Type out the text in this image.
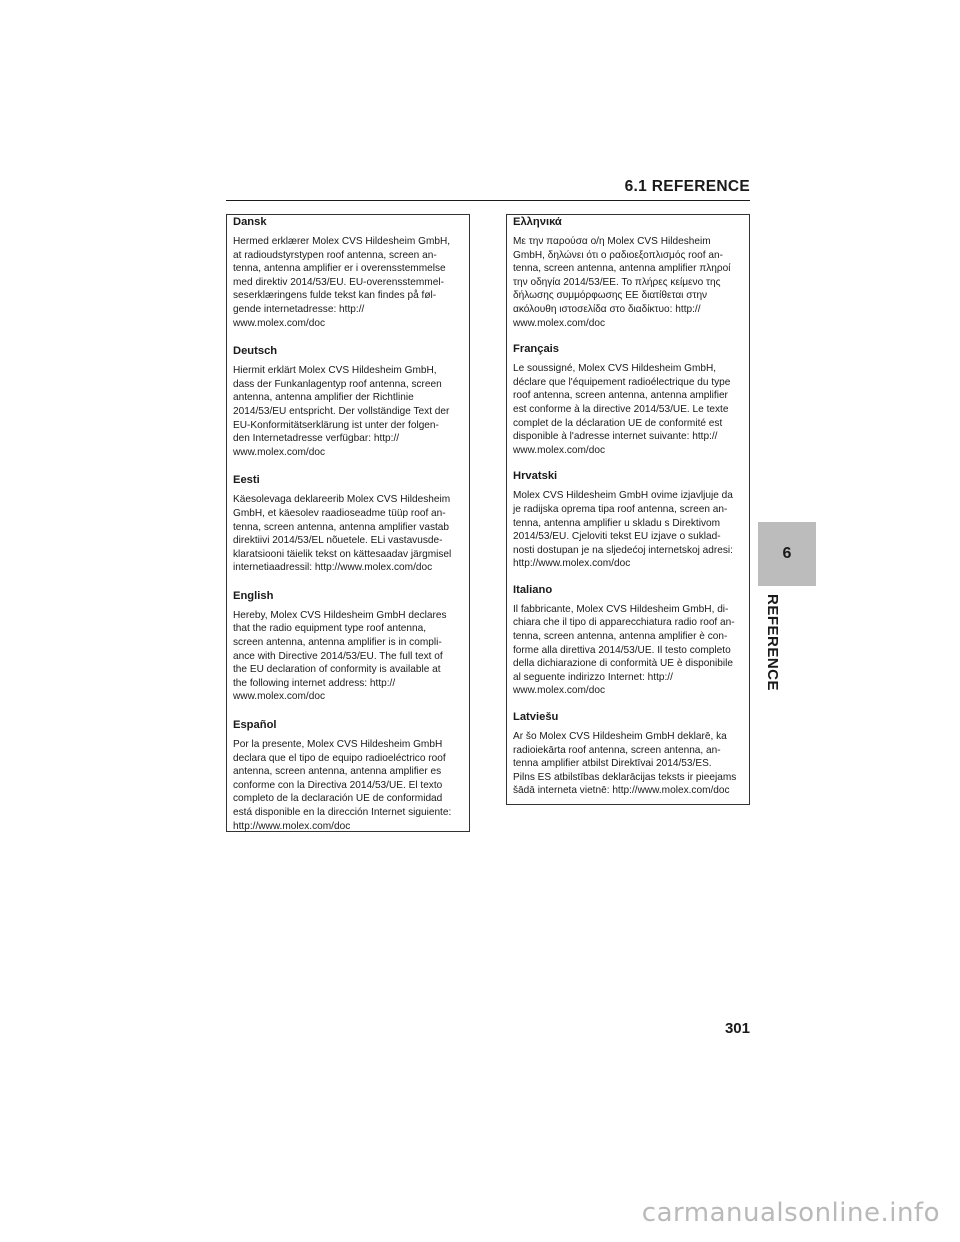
6.1 REFERENCE

Dansk

Hermed erklærer Molex CVS Hildesheim GmbH,
at radioudstyrstypen roof antenna, screen an-
tenna, antenna amplifier er i overensstemmelse
med direktiv 2014/53/EU. EU-overensstemmel-
seserklæringens fulde tekst kan findes på føl-
gende internetadresse: http://
www.molex.com/doc

Deutsch

Hiermit erklärt Molex CVS Hildesheim GmbH,
dass der Funkanlagentyp roof antenna, screen
antenna, antenna amplifier der Richtlinie
2014/53/EU entspricht. Der vollständige Text der
EU-Konformitätserklärung ist unter der folgen-
den Internetadresse verfügbar: http://
www.molex.com/doc

Eesti

Käesolevaga deklareerib Molex CVS Hildesheim
GmbH, et käesolev raadioseadme tüüp roof an-
tenna, screen antenna, antenna amplifier vastab
direktiivi 2014/53/EL nõuetele. ELi vastavusde-
klaratsiooni täielik tekst on kättesaadav järgmisel
internetiaadressil: http://www.molex.com/doc

English

Hereby, Molex CVS Hildesheim GmbH declares
that the radio equipment type roof antenna,
screen antenna, antenna amplifier is in compli-
ance with Directive 2014/53/EU. The full text of
the EU declaration of conformity is available at
the following internet address: http://
www.molex.com/doc

Español

Por la presente, Molex CVS Hildesheim GmbH
declara que el tipo de equipo radioeléctrico roof
antenna, screen antenna, antenna amplifier es
conforme con la Directiva 2014/53/UE. El texto
completo de la declaración UE de conformidad
está disponible en la dirección Internet siguiente:
http://www.molex.com/doc

Ελληνικά

Με την παρούσα ο/η Molex CVS Hildesheim
GmbH, δηλώνει ότι ο ραδιοεξοπλισμός roof an-
tenna, screen antenna, antenna amplifier πληροί
την οδηγία 2014/53/ΕΕ. Το πλήρες κείμενο της
δήλωσης συμμόρφωσης ΕΕ διατίθεται στην
ακόλουθη ιστοσελίδα στο διαδίκτυο: http://
www.molex.com/doc

Français

Le soussigné, Molex CVS Hildesheim GmbH,
déclare que l'équipement radioélectrique du type
roof antenna, screen antenna, antenna amplifier
est conforme à la directive 2014/53/UE. Le texte
complet de la déclaration UE de conformité est
disponible à l'adresse internet suivante: http://
www.molex.com/doc

Hrvatski

Molex CVS Hildesheim GmbH ovime izjavljuje da
je radijska oprema tipa roof antenna, screen an-
tenna, antenna amplifier u skladu s Direktivom
2014/53/EU. Cjeloviti tekst EU izjave o suklad-
nosti dostupan je na sljedećoj internetskoj adresi:
http://www.molex.com/doc

Italiano

Il fabbricante, Molex CVS Hildesheim GmbH, di-
chiara che il tipo di apparecchiatura radio roof an-
tenna, screen antenna, antenna amplifier è con-
forme alla direttiva 2014/53/UE. Il testo completo
della dichiarazione di conformità UE è disponibile
al seguente indirizzo Internet: http://
www.molex.com/doc

Latviešu

Ar šo Molex CVS Hildesheim GmbH deklarē, ka
radioiekārta roof antenna, screen antenna, an-
tenna amplifier atbilst Direktīvai 2014/53/ES.
Pilns ES atbilstības deklarācijas teksts ir pieejams
šādā interneta vietnē: http://www.molex.com/doc

6
REFERENCE
301
carmanualsonline.info
